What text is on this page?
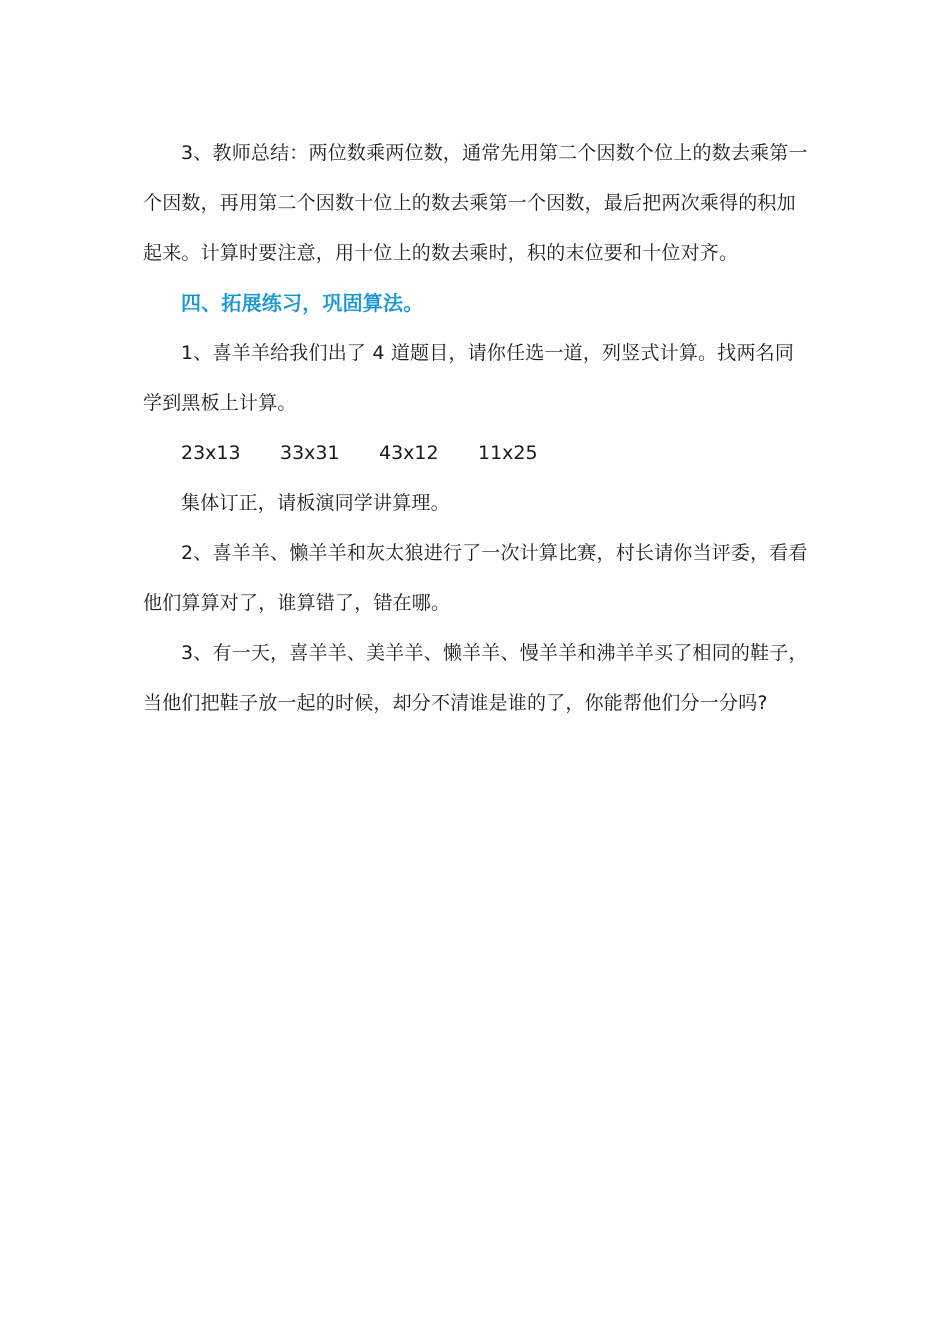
3、教师总结：两位数乘两位数，通常先用第二个因数个位上的数去乘第一个因数，再用第二个因数十位上的数去乘第一个因数，最后把两次乘得的积加起来。计算时要注意，用十位上的数去乘时，积的末位要和十位对齐。

四、拓展练习，巩固算法。

1、喜羊羊给我们出了 4 道题目，请你任选一道，列竖式计算。找两名同学到黑板上计算。

23x13	33x31	43x12	11x25

集体订正，请板演同学讲算理。

2、喜羊羊、懒羊羊和灰太狼进行了一次计算比赛，村长请你当评委，看看他们算算对了，谁算错了，错在哪。

3、有一天，喜羊羊、美羊羊、懒羊羊、慢羊羊和沸羊羊买了相同的鞋子，当他们把鞋子放一起的时候，却分不清谁是谁的了，你能帮他们分一分吗?
